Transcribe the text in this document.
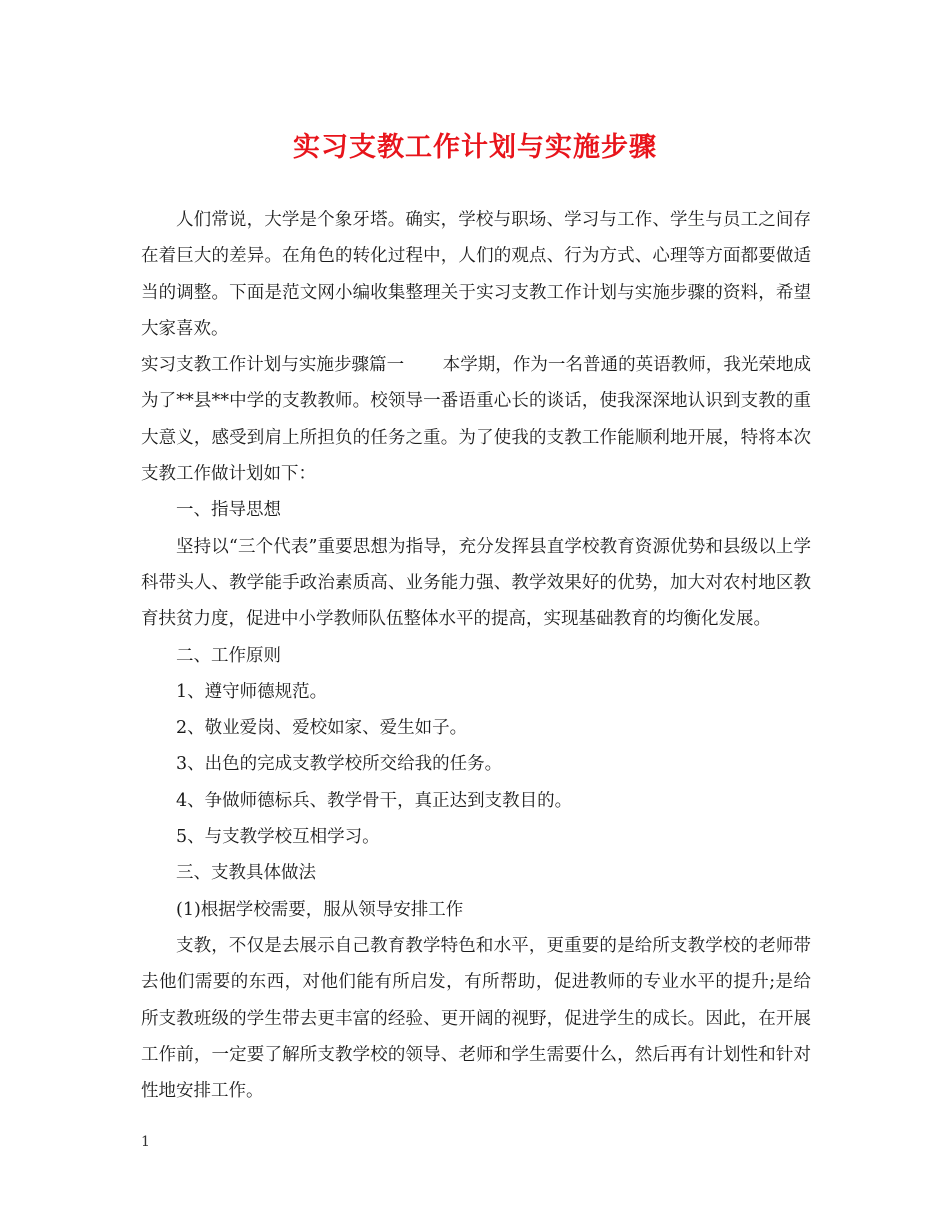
实习支教工作计划与实施步骤

人们常说，大学是个象牙塔。确实，学校与职场、学习与工作、学生与员工之间存在着巨大的差异。在角色的转化过程中，人们的观点、行为方式、心理等方面都要做适当的调整。下面是范文网小编收集整理关于实习支教工作计划与实施步骤的资料，希望大家喜欢。

实习支教工作计划与实施步骤篇一 本学期，作为一名普通的英语教师，我光荣地成为了**县**中学的支教教师。校领导一番语重心长的谈话，使我深深地认识到支教的重大意义，感受到肩上所担负的任务之重。为了使我的支教工作能顺利地开展，特将本次支教工作做计划如下：

一、指导思想

坚持以“三个代表”重要思想为指导，充分发挥县直学校教育资源优势和县级以上学科带头人、教学能手政治素质高、业务能力强、教学效果好的优势，加大对农村地区教育扶贫力度，促进中小学教师队伍整体水平的提高，实现基础教育的均衡化发展。

二、工作原则

1、遵守师德规范。

2、敬业爱岗、爱校如家、爱生如子。

3、出色的完成支教学校所交给我的任务。

4、争做师德标兵、教学骨干，真正达到支教目的。

5、与支教学校互相学习。

三、支教具体做法

(1)根据学校需要，服从领导安排工作

支教，不仅是去展示自己教育教学特色和水平，更重要的是给所支教学校的老师带去他们需要的东西，对他们能有所启发，有所帮助，促进教师的专业水平的提升;是给所支教班级的学生带去更丰富的经验、更开阔的视野，促进学生的成长。因此，在开展工作前，一定要了解所支教学校的领导、老师和学生需要什么，然后再有计划性和针对性地安排工作。

1
